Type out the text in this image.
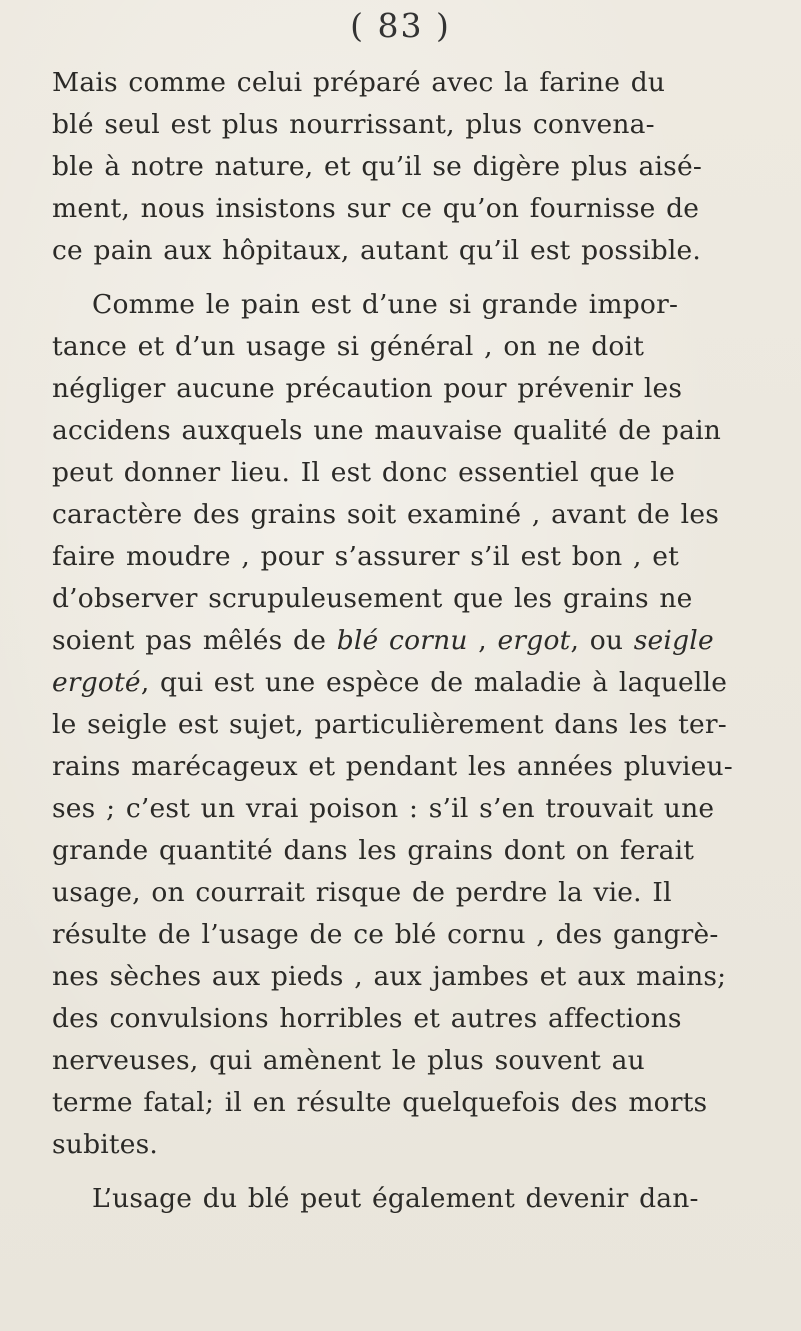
( 83 )

Mais comme celui préparé avec la farine du
blé seul est plus nourrissant, plus convena-
ble à notre nature, et qu’il se digère plus aisé-
ment, nous insistons sur ce qu’on fournisse de
ce pain aux hôpitaux, autant qu’il est possible.

Comme le pain est d’une si grande impor-
tance et d’un usage si général , on ne doit
négliger aucune précaution pour prévenir les
accidens auxquels une mauvaise qualité de pain
peut donner lieu. Il est donc essentiel que le
caractère des grains soit examiné , avant de les
faire moudre , pour s’assurer s’il est bon , et
d’observer scrupuleusement que les grains ne
soient pas mêlés de blé cornu , ergot, ou seigle
ergoté, qui est une espèce de maladie à laquelle
le seigle est sujet, particulièrement dans les ter-
rains marécageux et pendant les années pluvieu-
ses ; c’est un vrai poison : s’il s’en trouvait une
grande quantité dans les grains dont on ferait
usage, on courrait risque de perdre la vie. Il
résulte de l’usage de ce blé cornu , des gangrè-
nes sèches aux pieds , aux jambes et aux mains;
des convulsions horribles et autres affections
nerveuses, qui amènent le plus souvent au
terme fatal; il en résulte quelquefois des morts
subites.

L’usage du blé peut également devenir dan-
